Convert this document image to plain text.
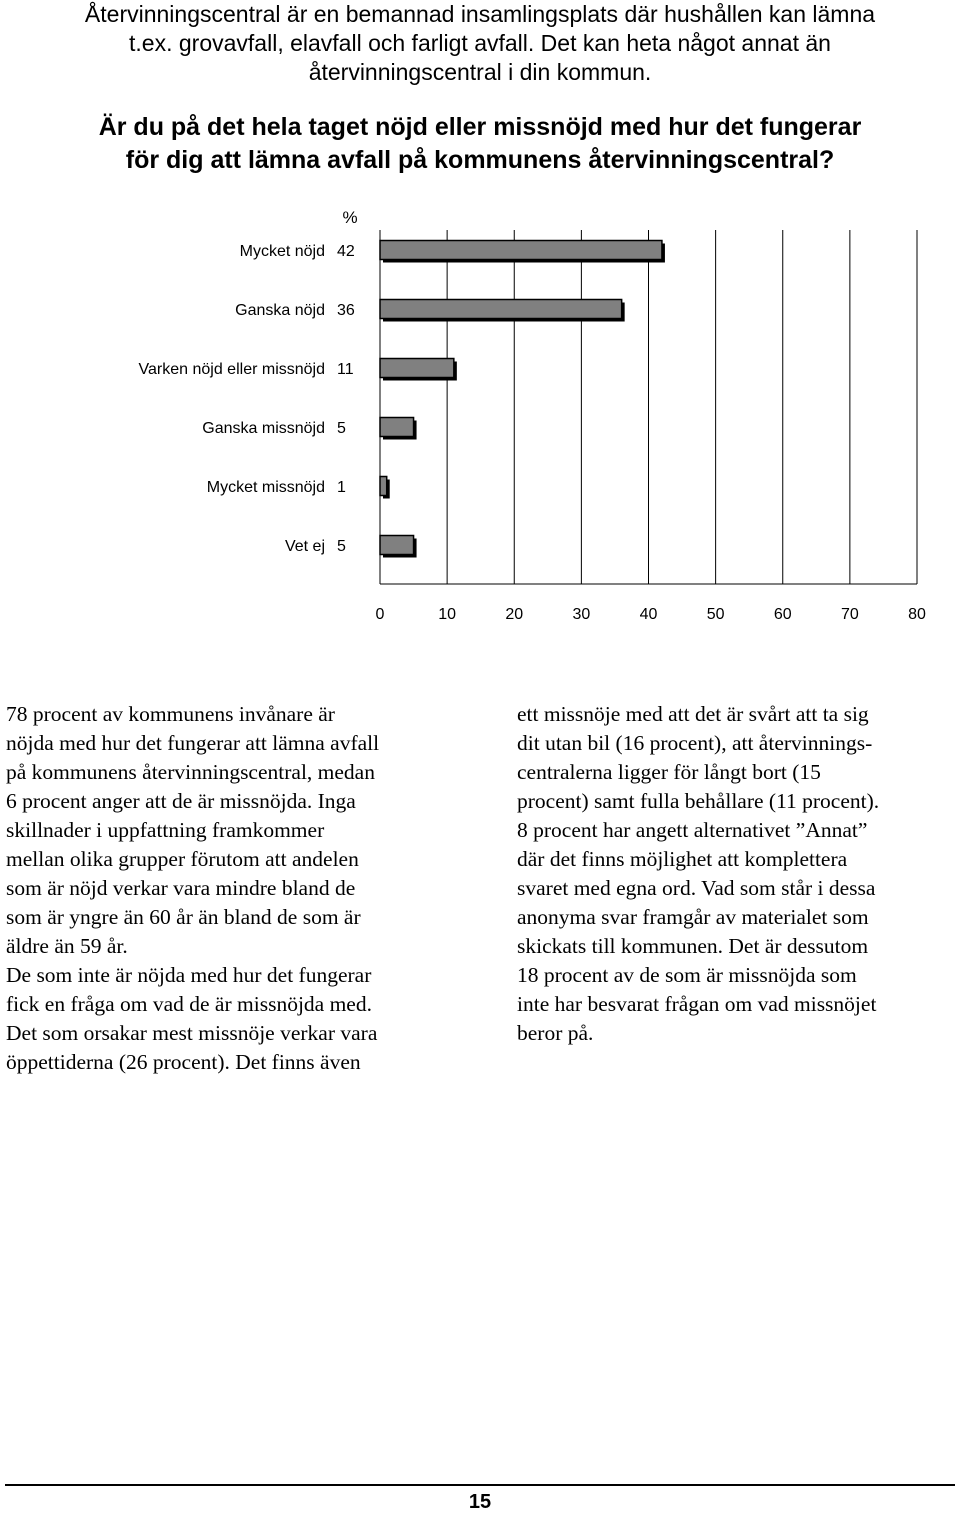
Återvinningscentral är en bemannad insamlingsplats där hushållen kan lämna
t.ex. grovavfall, elavfall och farligt avfall. Det kan heta något annat än
återvinningscentral i din kommun.
Är du på det hela taget nöjd eller missnöjd med hur det fungerar
för dig att lämna avfall på kommunens återvinningscentral?
%
Mycket nöjd 42
Ganska nöjd 36
Varken nöjd eller missnöjd 11
Ganska missnöjd 5
Mycket missnöjd 1
Vet ej 5
0	10	20	30	40	50	60	70	80
78 procent av kommunens invånare är
nöjda med hur det fungerar att lämna avfall
på kommunens återvinningscentral, medan
6 procent anger att de är missnöjda. Inga
skillnader i uppfattning framkommer
mellan olika grupper förutom att andelen
som är nöjd verkar vara mindre bland de
som är yngre än 60 år än bland de som är
äldre än 59 år.
De som inte är nöjda med hur det fungerar
fick en fråga om vad de är missnöjda med.
Det som orsakar mest missnöje verkar vara
öppettiderna (26 procent). Det finns även
ett missnöje med att det är svårt att ta sig
dit utan bil (16 procent), att återvinnings-
centralerna ligger för långt bort (15
procent) samt fulla behållare (11 procent).
8 procent har angett alternativet ”Annat”
där det finns möjlighet att komplettera
svaret med egna ord. Vad som står i dessa
anonyma svar framgår av materialet som
skickats till kommunen. Det är dessutom
18 procent av de som är missnöjda som
inte har besvarat frågan om vad missnöjet
beror på.
15
